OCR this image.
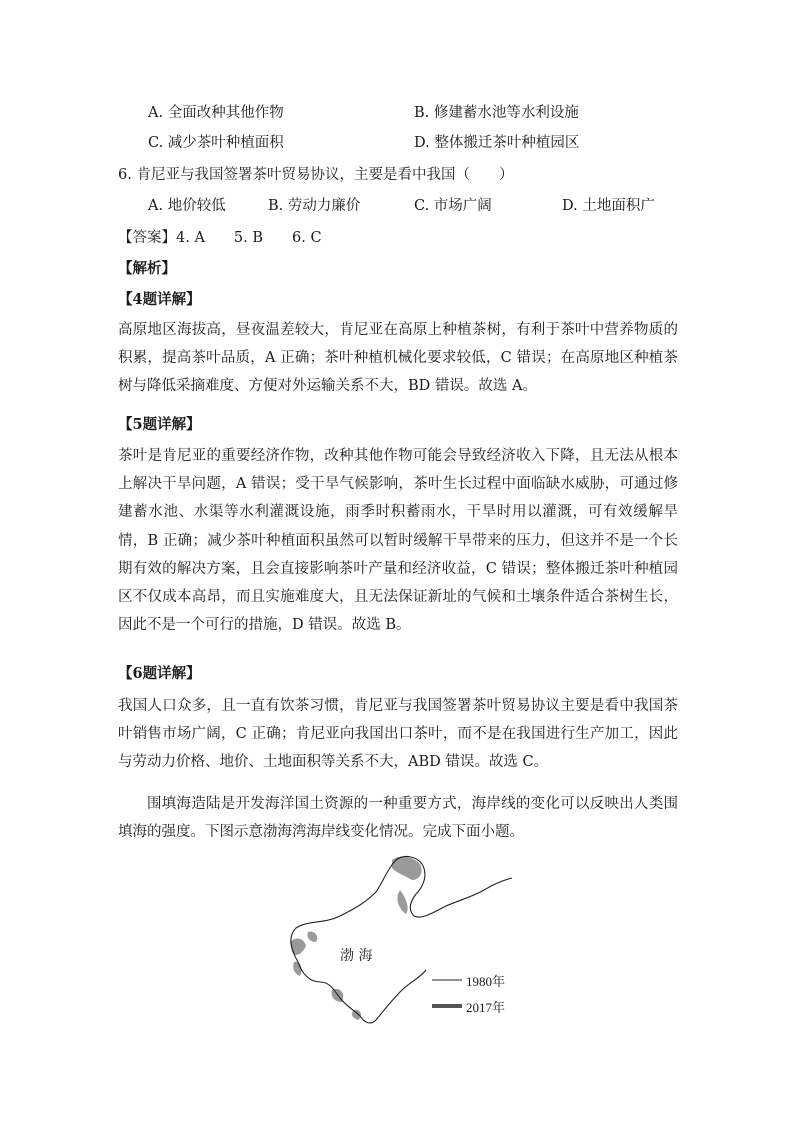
A. 全面改种其他作物	B. 修建蓄水池等水利设施
C. 减少茶叶种植面积	D. 整体搬迁茶叶种植园区
6. 肯尼亚与我国签署茶叶贸易协议，主要是看中我国（　　）
A. 地价较低	B. 劳动力廉价	C. 市场广阔	D. 土地面积广
【答案】4. A　　5. B　　6. C
【解析】
【4题详解】
高原地区海拔高，昼夜温差较大，肯尼亚在高原上种植茶树，有利于茶叶中营养物质的积累，提高茶叶品质，A 正确；茶叶种植机械化要求较低，C 错误；在高原地区种植茶树与降低采摘难度、方便对外运输关系不大，BD 错误。故选 A。
【5题详解】
茶叶是肯尼亚的重要经济作物，改种其他作物可能会导致经济收入下降，且无法从根本上解决干旱问题，A 错误；受干旱气候影响，茶叶生长过程中面临缺水威胁，可通过修建蓄水池、水渠等水利灌溉设施，雨季时积蓄雨水，干旱时用以灌溉，可有效缓解旱情，B 正确；减少茶叶种植面积虽然可以暂时缓解干旱带来的压力，但这并不是一个长期有效的解决方案，且会直接影响茶叶产量和经济收益，C 错误；整体搬迁茶叶种植园区不仅成本高昂，而且实施难度大，且无法保证新址的气候和土壤条件适合茶树生长，因此不是一个可行的措施，D 错误。故选 B。
【6题详解】
我国人口众多，且一直有饮茶习惯，肯尼亚与我国签署茶叶贸易协议主要是看中我国茶叶销售市场广阔，C 正确；肯尼亚向我国出口茶叶，而不是在我国进行生产加工，因此与劳动力价格、地价、土地面积等关系不大，ABD 错误。故选 C。
围填海造陆是开发海洋国土资源的一种重要方式，海岸线的变化可以反映出人类围填海的强度。下图示意渤海湾海岸线变化情况。完成下面小题。
渤 海
1980年
2017年
